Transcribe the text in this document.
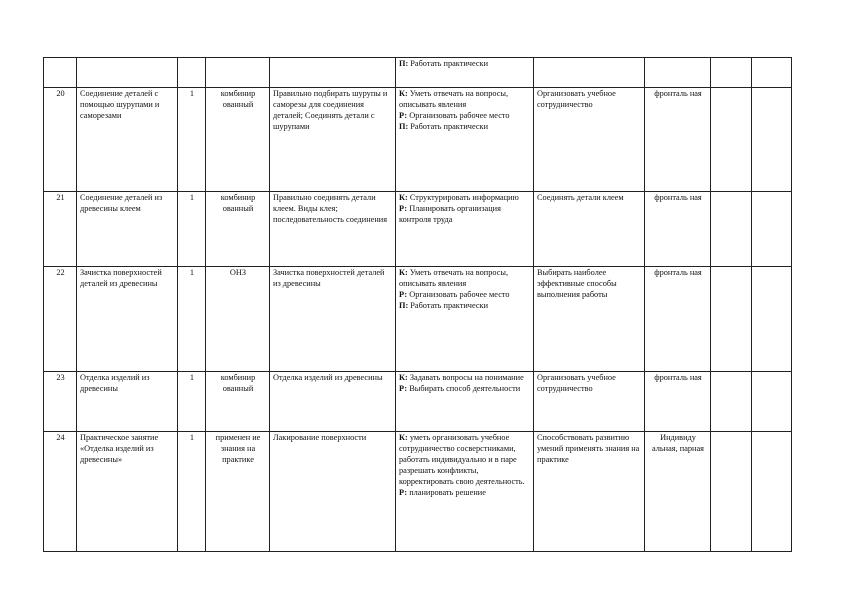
					П: Работать практически				

20	Соединение деталей с помощью шурупами и саморезами	1	комбинир ованный	Правильно подбирать шурупы и саморезы для соединения деталей; Соединять детали с шурупами	К: Уметь отвечать на вопросы, описывать явления
Р: Организовать рабочее место
П: Работать практически	Организовать учебное сотрудничество	фронталь ная		
21	Соединение деталей из древесины клеем	1	комбинир ованный	Правильно соединять детали клеем. Виды клея; последовательность соединения	К: Структурировать информацию
Р: Планировать организация контроля труда	Соединять детали клеем	фронталь ная		
22	Зачистка поверхностей деталей из древесины	1	ОНЗ	Зачистка поверхностей деталей из древесины	К: Уметь отвечать на вопросы, описывать явления
Р: Организовать рабочее место
П: Работать практически	Выбирать наиболее эффективные способы выполнения работы	фронталь ная		
23	Отделка изделий из древесины	1	комбинир ованный	Отделка изделий из древесины	К: Задавать вопросы на понимание
Р: Выбирать способ деятельности	Организовать учебное сотрудничество	фронталь ная		
24	Практическое занятие «Отделка изделий из древесины»	1	применен ие знания на практике	Лакирование поверхности	К: уметь организовать учебное сотрудничество сосверстниками, работать индивидуально и в паре разрешать конфликты, корректировать свою деятельность.
Р: планировать решение	Способствовать развитию умений применять знания на практике	Индивиду альная, парная		
